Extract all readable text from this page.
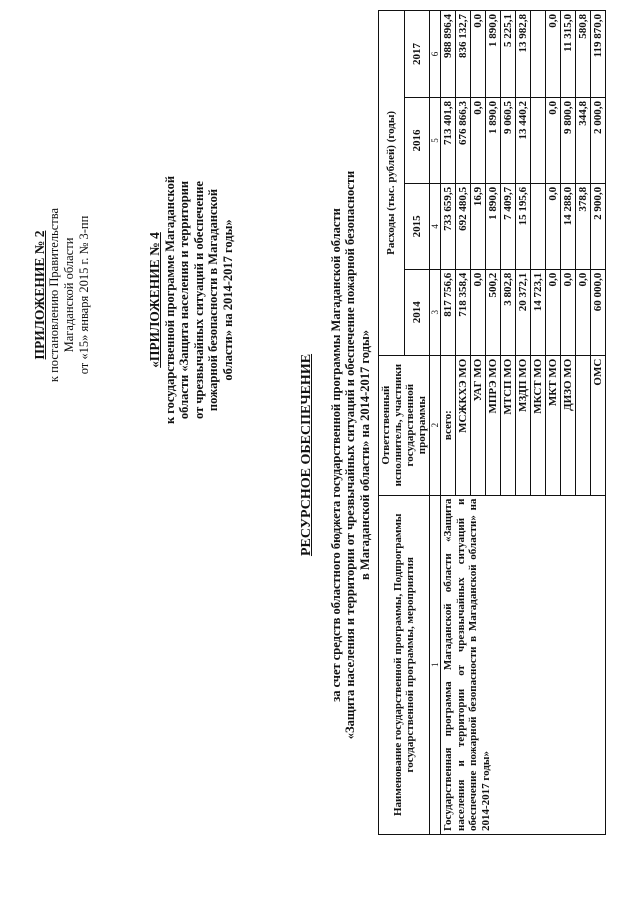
ПРИЛОЖЕНИЕ № 2 к постановлению Правительства Магаданской области от «15» января 2015 г. № 3-пп	«ПРИЛОЖЕНИЕ № 4 к государственной программе Магаданской области «Защита населения и территории от чрезвычайных ситуаций и обеспечение пожарной безопасности в Магаданской области» на 2014-2017 годы»
РЕСУРСНОЕ ОБЕСПЕЧЕНИЕ за счет средств областного бюджета государственной программы Магаданской области «Защита населения и территории от чрезвычайных ситуаций и обеспечение пожарной безопасности в Магаданской области» на 2014-2017 годы»
Наименование государственной программы, Подпрограммы государственной программы, мероприятия	Ответственный исполнитель, участники государственной программы	Расходы (тыс. рублей) (годы)			
		2014	2015	2016	2017
1	2	3	4	5	6
Государственная программа Магаданской области «Защита населения и территории от чрезвычайных ситуаций и обеспечение пожарной безопасности в Магаданской области» на 2014-2017 годы»	всего:	817 756,6	733 659,5	713 401,8	988 896,4
	МСЖКХЭ МО	718 358,4	692 480,5	676 866,3	836 132,7
	УАГ МО	0,0	16,9	0,0	0,0
	МПРЭ МО	500,2	1 890,0	1 890,0	1 890,0
	МТСП МО	3 802,8	7 409,7	9 060,5	5 225,1
	МЗДП МО	20 372,1	15 195,6	13 440,2	13 982,8
	МКСТ МО	14 723,1			
	МКТ МО	0,0	0,0	0,0	0,0
	ДИЗО МО	0,0	14 288,0	9 800,0	11 315,0
		0,0	378,8	344,8	580,8
	ОМС	60 000,0	2 900,0	2 000,0	119 870,0
